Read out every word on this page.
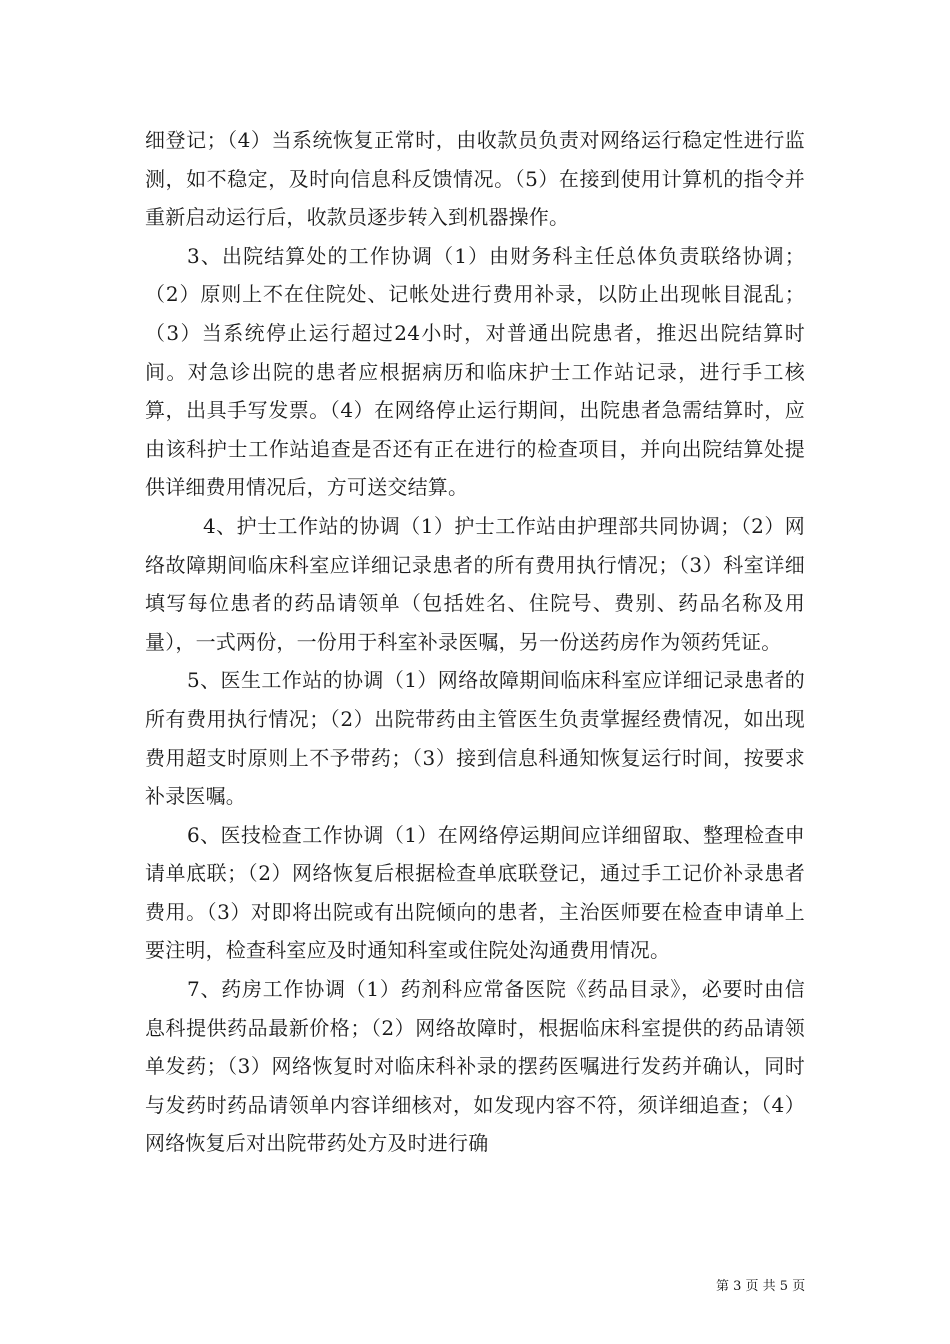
细登记；（4）当系统恢复正常时，由收款员负责对网络运行稳定性进行监测，如不稳定，及时向信息科反馈情况。（5）在接到使用计算机的指令并重新启动运行后，收款员逐步转入到机器操作。

3、出院结算处的工作协调（1）由财务科主任总体负责联络协调；（2）原则上不在住院处、记帐处进行费用补录，以防止出现帐目混乱；（3）当系统停止运行超过24小时，对普通出院患者，推迟出院结算时间。对急诊出院的患者应根据病历和临床护士工作站记录，进行手工核算，出具手写发票。（4）在网络停止运行期间，出院患者急需结算时，应由该科护士工作站追查是否还有正在进行的检查项目，并向出院结算处提供详细费用情况后，方可送交结算。

4、护士工作站的协调（1）护士工作站由护理部共同协调；（2）网络故障期间临床科室应详细记录患者的所有费用执行情况；（3）科室详细填写每位患者的药品请领单（包括姓名、住院号、费别、药品名称及用量），一式两份，一份用于科室补录医嘱，另一份送药房作为领药凭证。

5、医生工作站的协调（1）网络故障期间临床科室应详细记录患者的所有费用执行情况；（2）出院带药由主管医生负责掌握经费情况，如出现费用超支时原则上不予带药；（3）接到信息科通知恢复运行时间，按要求补录医嘱。

6、医技检查工作协调（1）在网络停运期间应详细留取、整理检查申请单底联；（2）网络恢复后根据检查单底联登记，通过手工记价补录患者费用。（3）对即将出院或有出院倾向的患者，主治医师要在检查申请单上要注明，检查科室应及时通知科室或住院处沟通费用情况。

7、药房工作协调（1）药剂科应常备医院《药品目录》，必要时由信息科提供药品最新价格；（2）网络故障时，根据临床科室提供的药品请领单发药；（3）网络恢复时对临床科补录的摆药医嘱进行发药并确认，同时与发药时药品请领单内容详细核对，如发现内容不符，须详细追查；（4）网络恢复后对出院带药处方及时进行确

第 3 页 共 5 页
